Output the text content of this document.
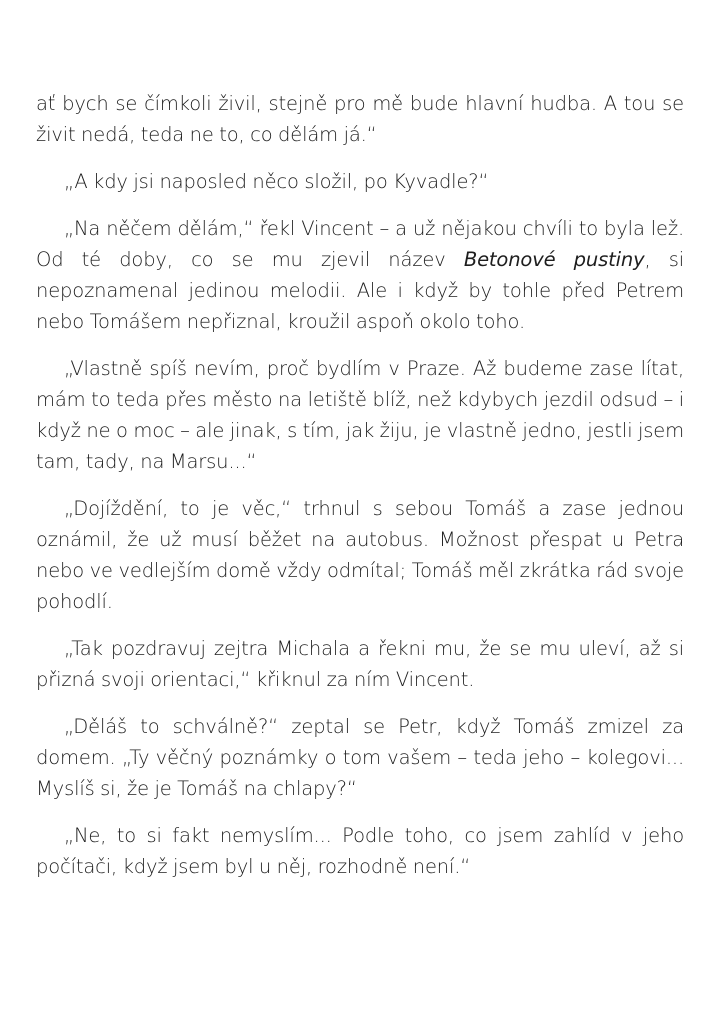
ať bych se čímkoli živil, stejně pro mě bude hlavní hudba. A tou se živit nedá, teda ne to, co dělám já.“

„A kdy jsi naposled něco složil, po Kyvadle?“

„Na něčem dělám,“ řekl Vincent – a už nějakou chvíli to byla lež. Od té doby, co se mu zjevil název Betonové pustiny, si nepoznamenal jedinou melodii. Ale i když by tohle před Petrem nebo Tomášem nepřiznal, kroužil aspoň okolo toho.

„Vlastně spíš nevím, proč bydlím v Praze. Až budeme zase lítat, mám to teda přes město na letiště blíž, než kdybych jezdil odsud – i když ne o moc – ale jinak, s tím, jak žiju, je vlastně jedno, jestli jsem tam, tady, na Marsu...“

„Dojíždění, to je věc,“ trhnul s sebou Tomáš a zase jednou oznámil, že už musí běžet na autobus. Možnost přespat u Petra nebo ve vedlejším domě vždy odmítal; Tomáš měl zkrátka rád svoje pohodlí.

„Tak pozdravuj zejtra Michala a řekni mu, že se mu uleví, až si přizná svoji orientaci,“ křiknul za ním Vincent.

„Děláš to schválně?“ zeptal se Petr, když Tomáš zmizel za domem. „Ty věčný poznámky o tom vašem – teda jeho – kolegovi... Myslíš si, že je Tomáš na chlapy?“

„Ne, to si fakt nemyslím... Podle toho, co jsem zahlíd v jeho počítači, když jsem byl u něj, rozhodně není.“
